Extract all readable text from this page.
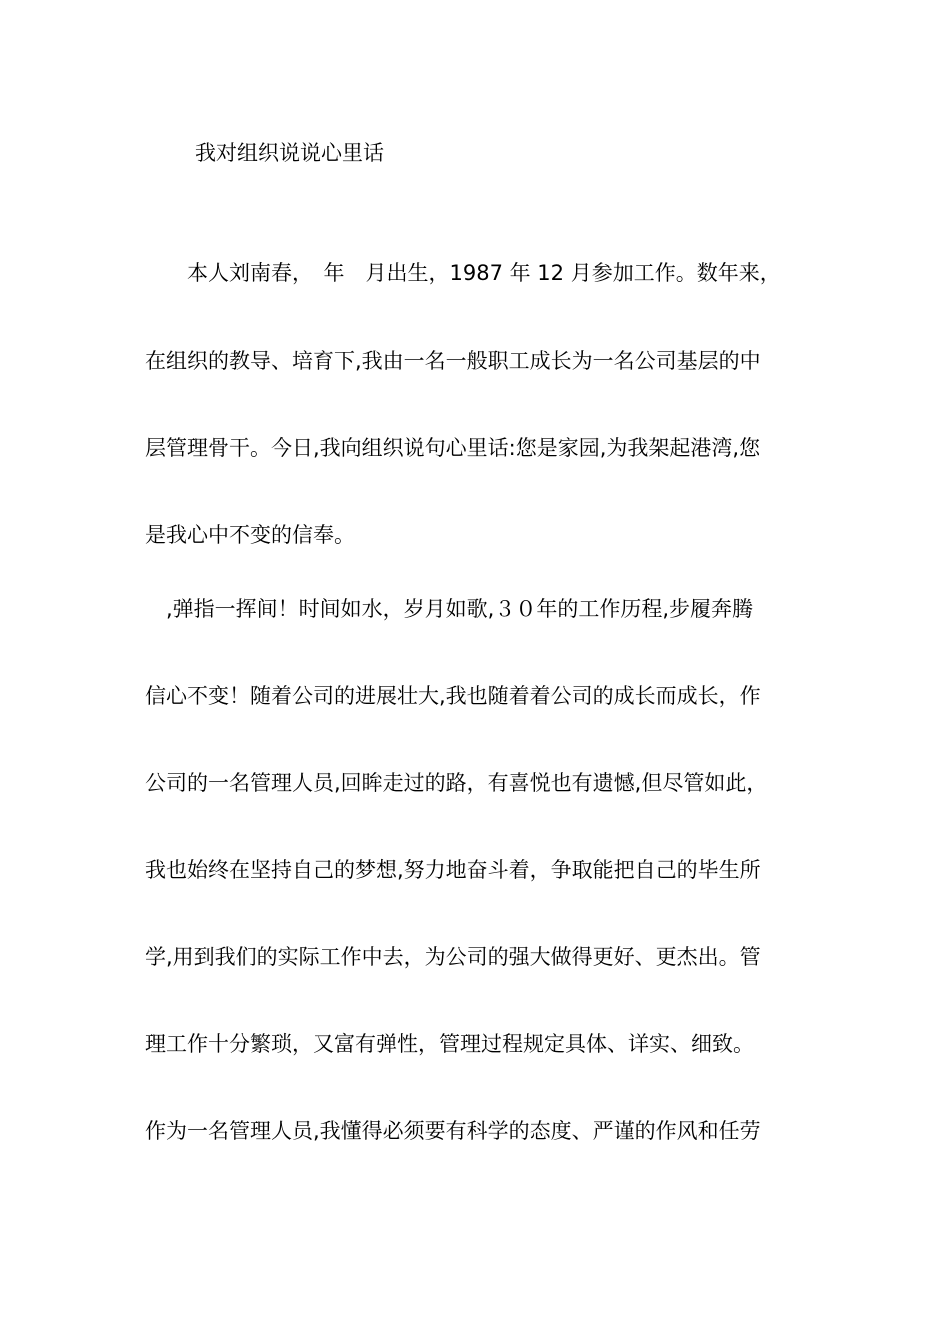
我对组织说说心里话
　　本人刘南春，　年　月出生，1987 年 12 月参加工作。数年来，
在组织的教导、培育下,我由一名一般职工成长为一名公司基层的中
层管理骨干。今日,我向组织说句心里话:您是家园,为我架起港湾,您
是我心中不变的信奉。
　,弹指一挥间！时间如水，岁月如歌,３０年的工作历程,步履奔腾
信心不变！随着公司的进展壮大,我也随着着公司的成长而成长，作
公司的一名管理人员,回眸走过的路，有喜悦也有遗憾,但尽管如此，
我也始终在坚持自己的梦想,努力地奋斗着，争取能把自己的毕生所
学,用到我们的实际工作中去，为公司的强大做得更好、更杰出。管
理工作十分繁琐，又富有弹性，管理过程规定具体、详实、细致。
作为一名管理人员,我懂得必须要有科学的态度、严谨的作风和任劳
